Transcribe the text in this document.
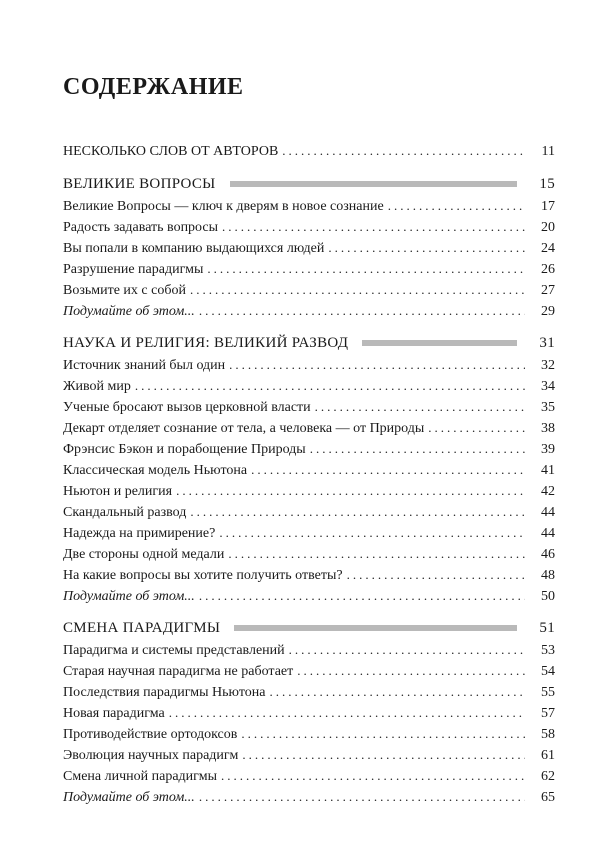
СОДЕРЖАНИЕ
НЕСКОЛЬКО СЛОВ ОТ АВТОРОВ .....	11
ВЕЛИКИЕ ВОПРОСЫ	15
Великие Вопросы — ключ к дверям в новое сознание .....	17
Радость задавать вопросы .....	20
Вы попали в компанию выдающихся людей .....	24
Разрушение парадигмы .....	26
Возьмите их с собой .....	27
Подумайте об этом... .....	29
НАУКА И РЕЛИГИЯ: ВЕЛИКИЙ РАЗВОД	31
Источник знаний был один .....	32
Живой мир .....	34
Ученые бросают вызов церковной власти .....	35
Декарт отделяет сознание от тела, а человека — от Природы .....	38
Фрэнсис Бэкон и порабощение Природы .....	39
Классическая модель Ньютона .....	41
Ньютон и религия .....	42
Скандальный развод .....	44
Надежда на примирение? .....	44
Две стороны одной медали .....	46
На какие вопросы вы хотите получить ответы? .....	48
Подумайте об этом... .....	50
СМЕНА ПАРАДИГМЫ	51
Парадигма и системы представлений .....	53
Старая научная парадигма не работает .....	54
Последствия парадигмы Ньютона .....	55
Новая парадигма .....	57
Противодействие ортодоксов .....	58
Эволюция научных парадигм .....	61
Смена личной парадигмы .....	62
Подумайте об этом... .....	65
